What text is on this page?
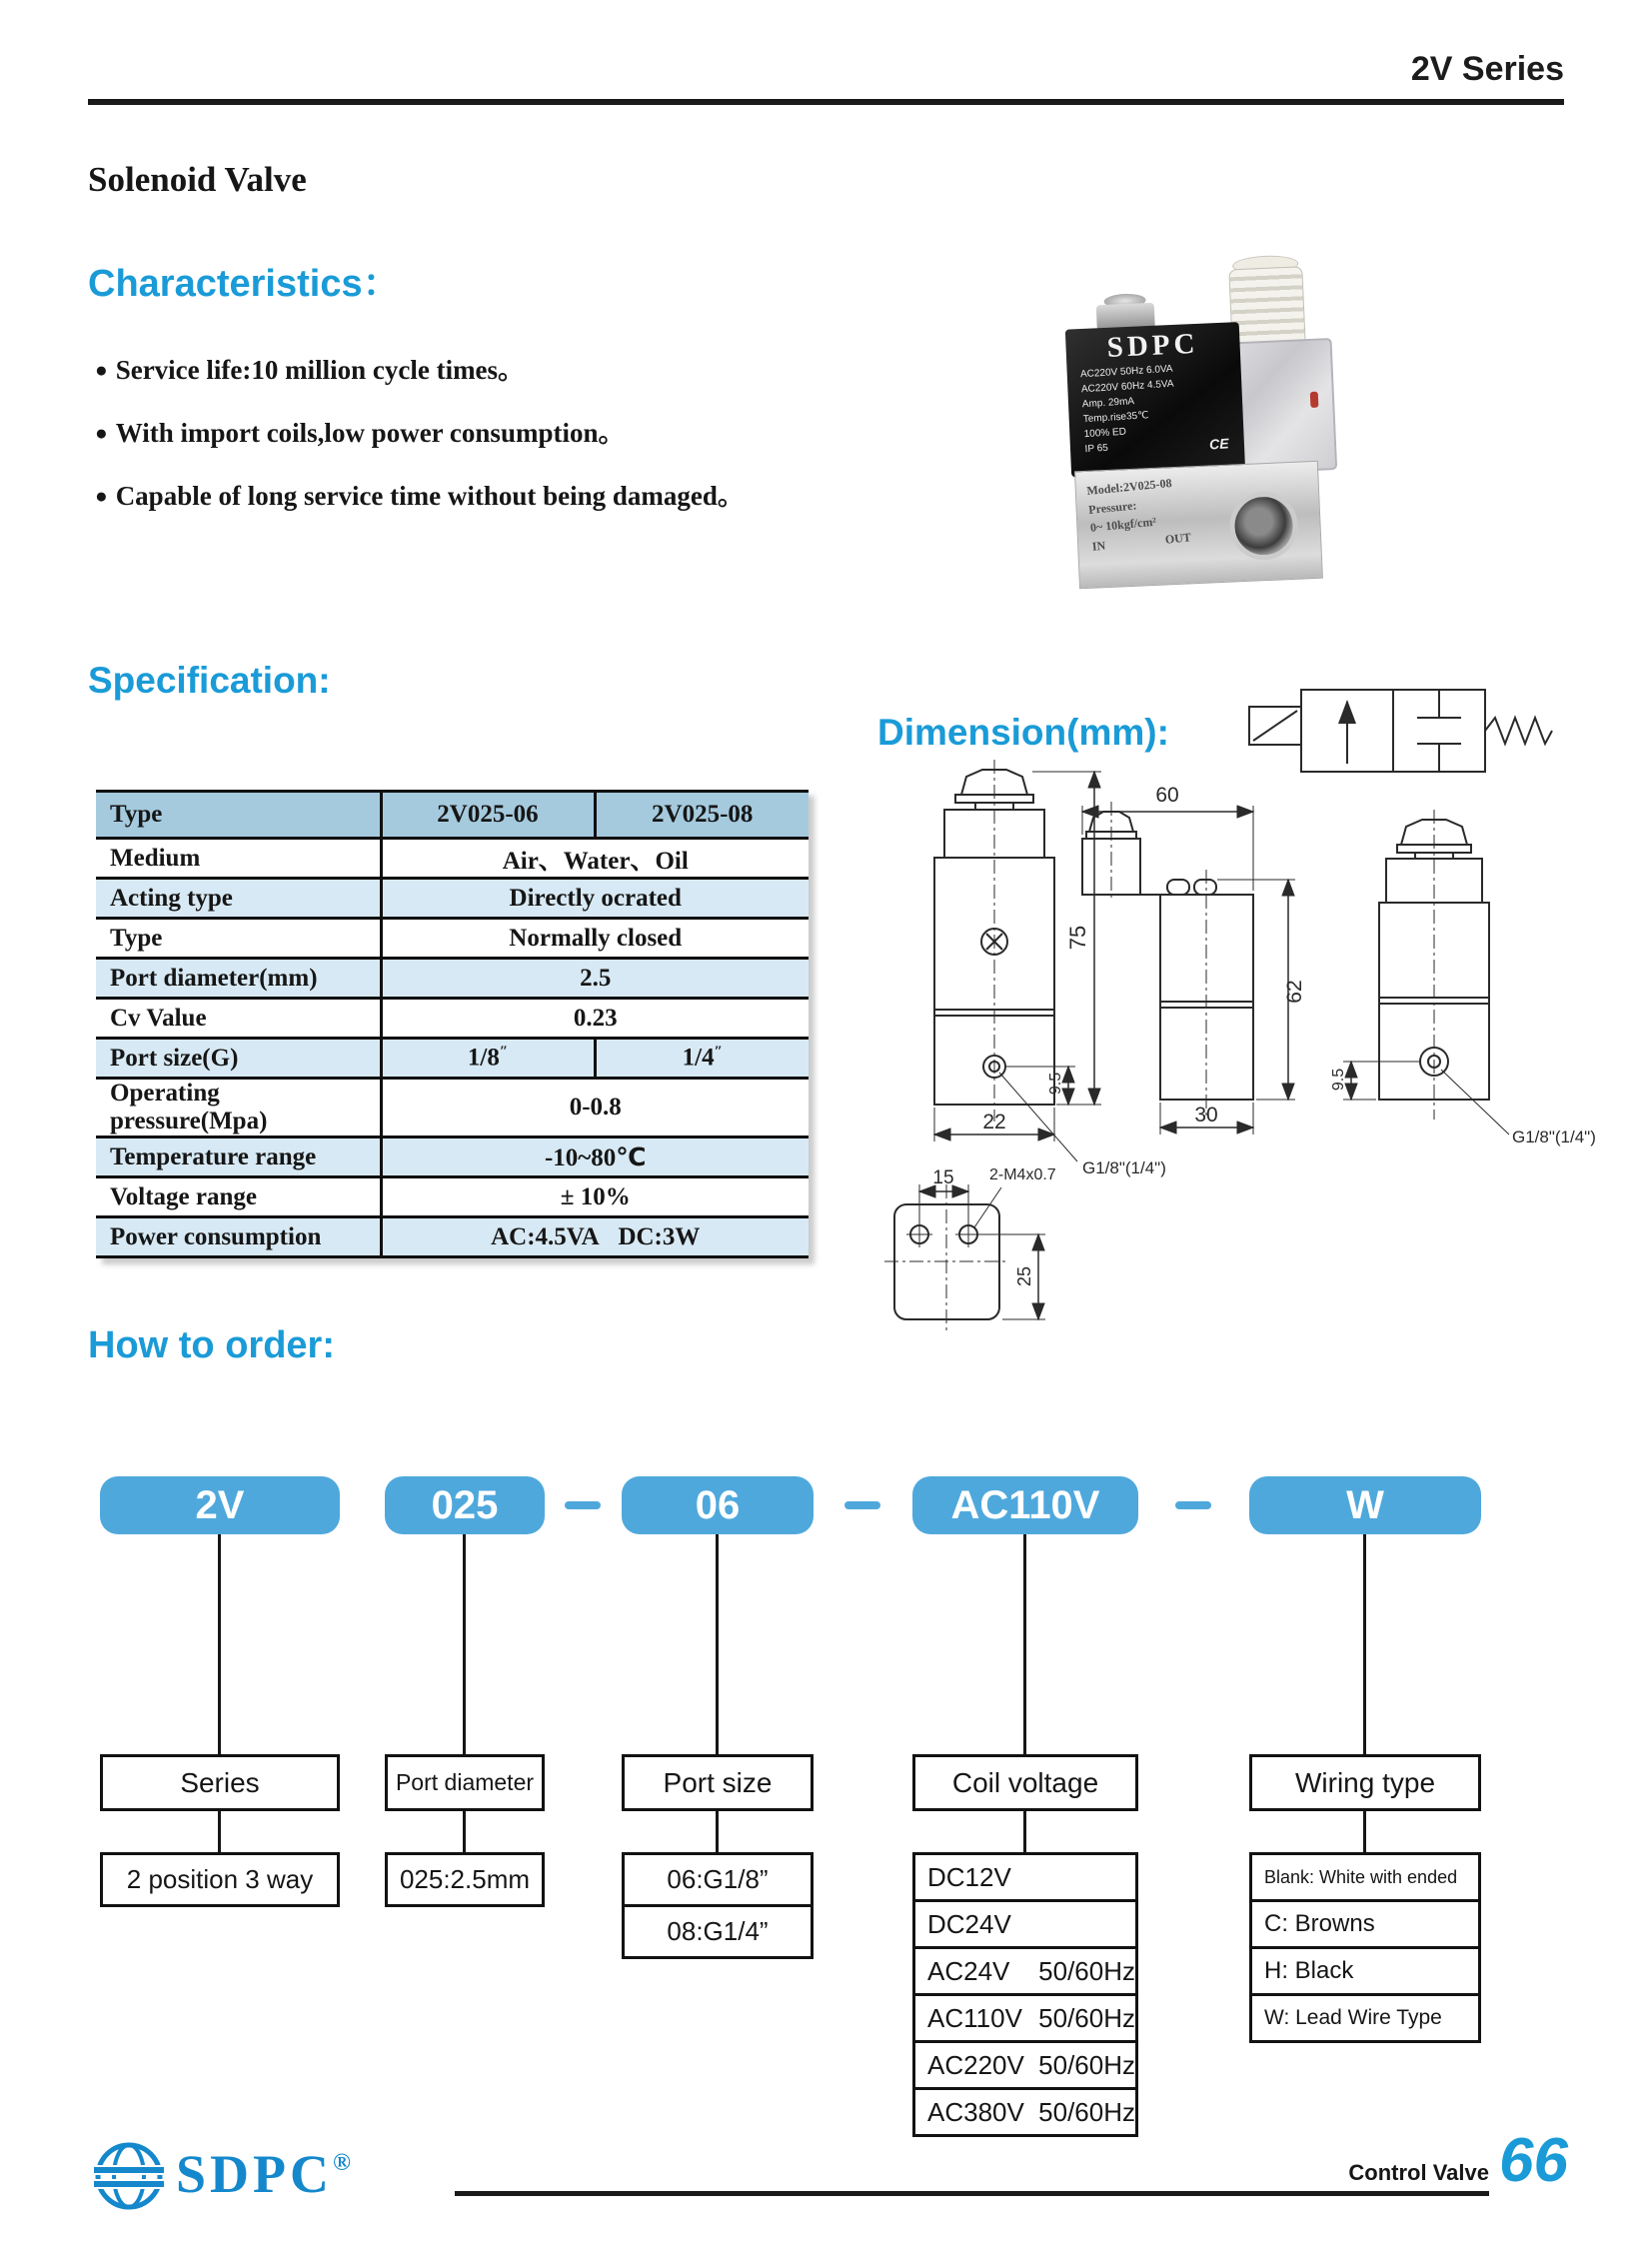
2V Series
Solenoid Valve
Characteristics：
● Service life:10 million cycle times。
● With import coils,low power consumption。
● Capable of long service time without being damaged。
SDPC
AC220V 50Hz 6.0VA
AC220V 60Hz 4.5VA
Amp. 29mA
Temp.rise35℃
100% ED
IP 65	CE
Model:2V025-08
Pressure:
0~ 10kgf/cm²
IN	OUT
Specification:
Type	2V025-06	2V025-08
Medium	Air、Water、Oil	
Acting type	Directly ocrated	
Type	Normally closed	
Port diameter(mm)	2.5	
Cv Value	0.23	
Port size(G)	1/8″	1/4″
Operating pressure(Mpa)	0-0.8	
Temperature range	-10~80℃	
Voltage range	± 10%	
Power consumption	AC:4.5VA DC:3W	
Dimension(mm):
75
9.5
22
G1/8"(1/4")
60
62
30
9.5
G1/8"(1/4")
15 2-M4x0.7
25
How to order:
2V	025	06	AC110V	W
Series	Port diameter	Port size	Coil voltage	Wiring type
2 position 3 way	025:2.5mm	06:G1/8”
08:G1/4”
DC12V
DC24V
AC24V	50/60Hz
AC110V 50/60Hz
AC220V 50/60Hz
AC380V 50/60Hz
Blank: White with ended
C: Browns
H: Black
W: Lead Wire Type
SDPC®	Control Valve 66
